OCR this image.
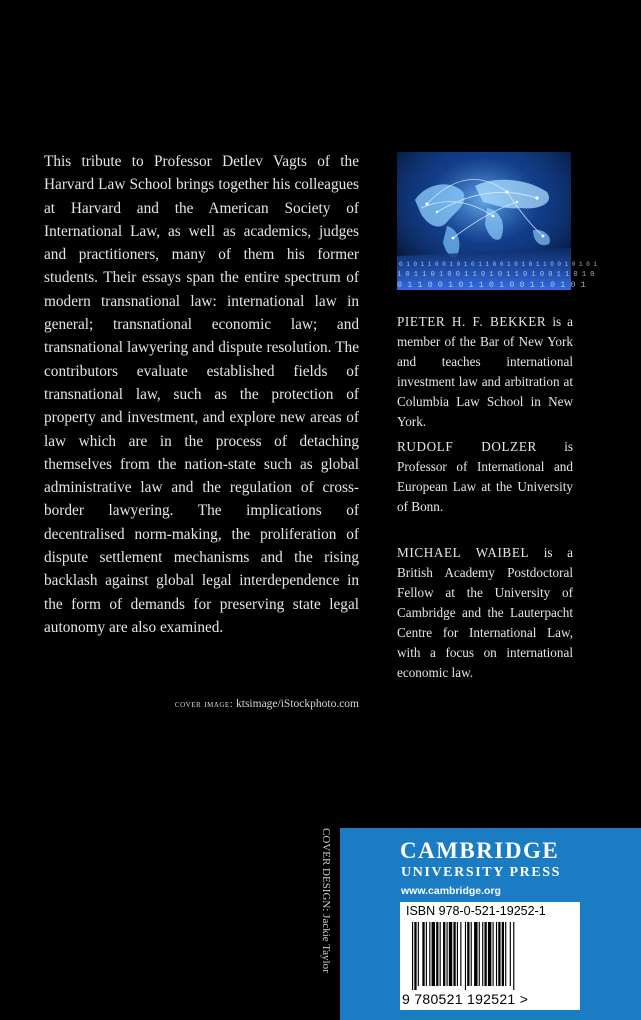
This tribute to Professor Detlev Vagts of the Harvard Law School brings together his colleagues at Harvard and the American Society of International Law, as well as academics, judges and practitioners, many of them his former students. Their essays span the entire spectrum of modern transnational law: international law in general; transnational economic law; and transnational lawyering and dispute resolution. The contributors evaluate established fields of transnational law, such as the protection of property and investment, and explore new areas of law which are in the process of detaching themselves from the nation-state such as global administrative law and the regulation of cross-border lawyering. The implications of decentralised norm-making, the proliferation of dispute settlement mechanisms and the rising backlash against global legal interdependence in the form of demands for preserving state legal autonomy are also examined.

cover image: ktsimage/iStockphoto.com
0 1 0 1 1 0 0 1 0 1 0 1 1 0 0 1 0 1 0 1 1 0 0 1 0 1 0 1
1 0 1 1 0 1 0 0 1 1 0 1 0 1 1 0 1 0 0 1 1 0 1 0
0 1 1 0 0 1 0 1 1 0 1 0 0 1 1 0 1 0 1

PIETER H. F. BEKKER is a member of the Bar of New York and teaches international investment law and arbitration at Columbia Law School in New York.

RUDOLF DOLZER is Professor of International and European Law at the University of Bonn.

MICHAEL WAIBEL is a British Academy Postdoctoral Fellow at the University of Cambridge and the Lauterpacht Centre for International Law, with a focus on international economic law.

COVER DESIGN: Jackie Taylor	CAMBRIDGE
UNIVERSITY PRESS
www.cambridge.org
ISBN 978-0-521-19252-1
9 780521 192521 >
